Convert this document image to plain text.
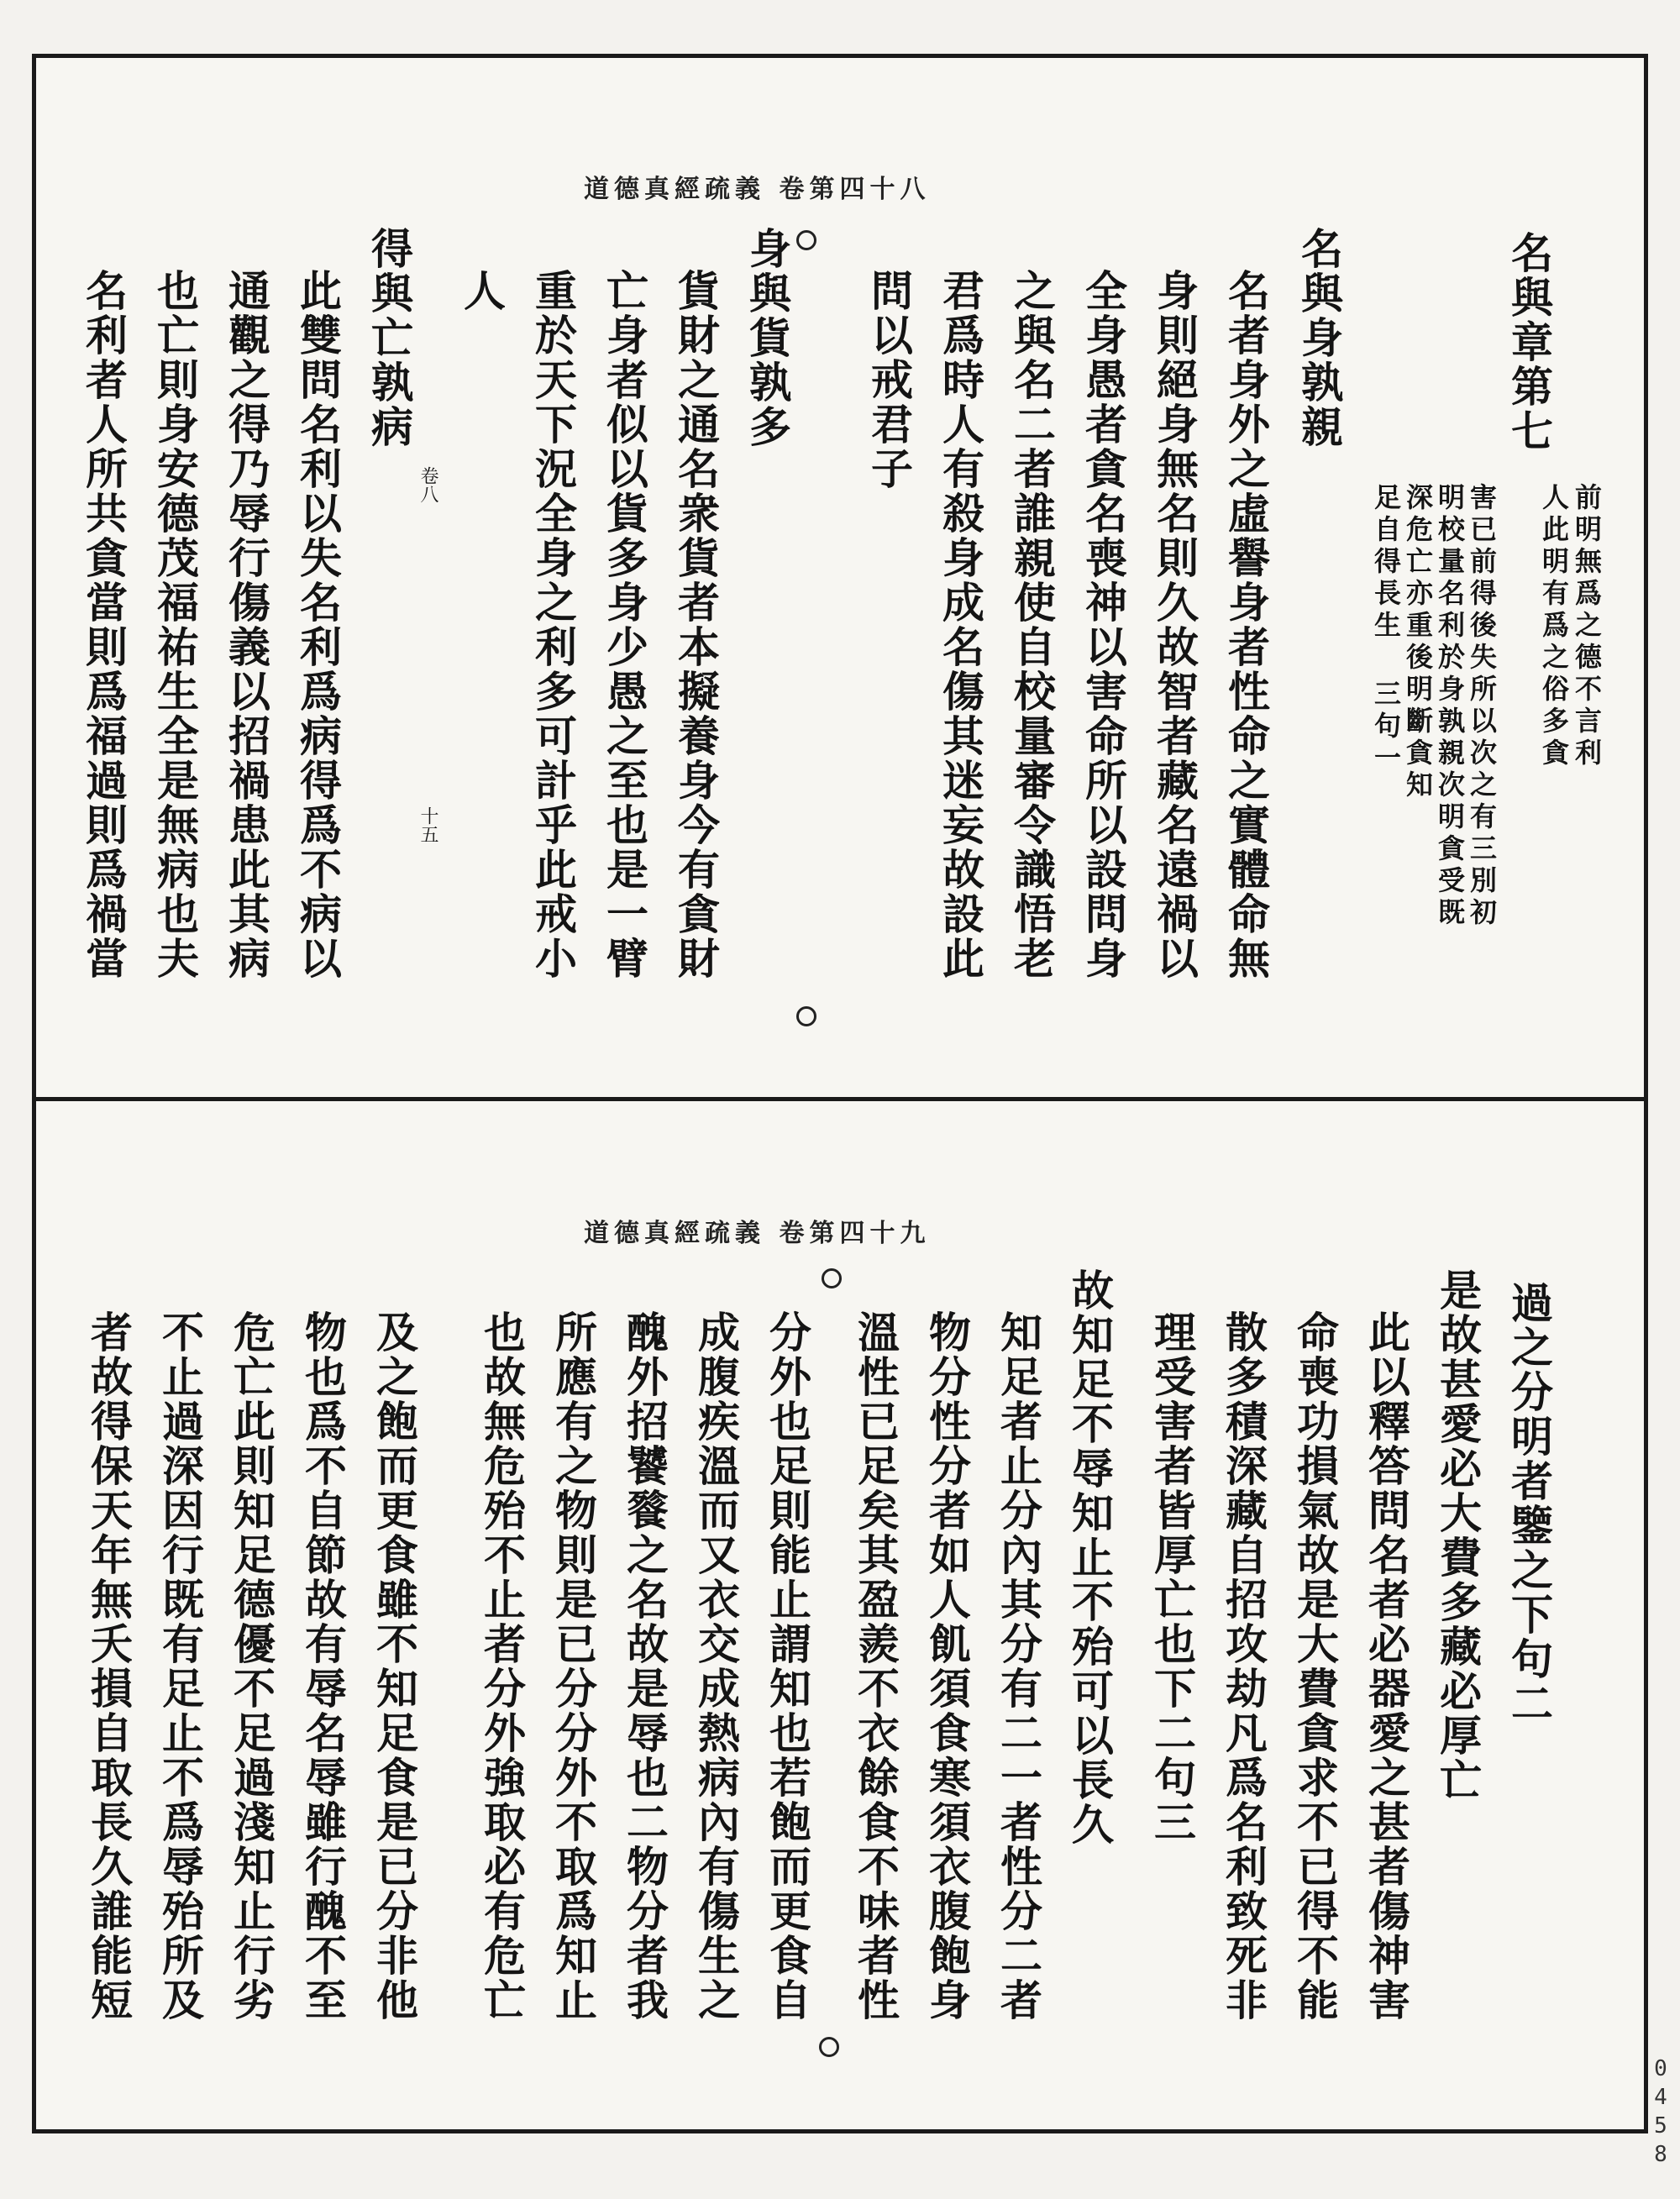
道德真經疏義 卷第四十八
名與章第七
前明無爲之德不言利
人此明有爲之俗多貪
害已前得後失所以次之有三別初
明校量名利於身孰親次明貪受既
深危亡亦重後明斷貪知
足自得長生 三句一
名與身孰親
名者身外之虛譽身者性命之實體命無
身則絕身無名則久故智者藏名遠禍以
全身愚者貪名喪神以害命所以設問身
之與名二者誰親使自校量審令識悟老
君爲時人有殺身成名傷其迷妄故設此
問以戒君子
身與貨孰多
貨財之通名衆貨者本擬養身今有貪財
亡身者似以貨多身少愚之至也是一臂
重於天下況全身之利多可計乎此戒小
人
得與亡孰病
此雙問名利以失名利爲病得爲不病以
通觀之得乃辱行傷義以招禍患此其病
也亡則身安德茂福祐生全是無病也夫
名利者人所共貪當則爲福過則爲禍當	卷八
十五
道德真經疏義 卷第四十九
過之分明者鑒之下句二
是故甚愛必大費多藏必厚亡
此以釋答問名者必器愛之甚者傷神害
命喪功損氣故是大費貪求不已得不能
散多積深藏自招攻劫凡爲名利致死非
理受害者皆厚亡也下二句三
故知足不辱知止不殆可以長久
知足者止分內其分有二一者性分二者
物分性分者如人飢須食寒須衣腹飽身
溫性已足矣其盈羨不衣餘食不味者性
分外也足則能止謂知也若飽而更食自
成腹疾溫而又衣交成熱病內有傷生之
醜外招饕餮之名故是辱也二物分者我
所應有之物則是已分分外不取爲知止
也故無危殆不止者分外強取必有危亡
及之飽而更食雖不知足食是已分非他
物也爲不自節故有辱名辱雖行醜不至
危亡此則知足德優不足過淺知止行劣
不止過深因行既有足止不爲辱殆所及
者故得保天年無夭損自取長久誰能短
0458
